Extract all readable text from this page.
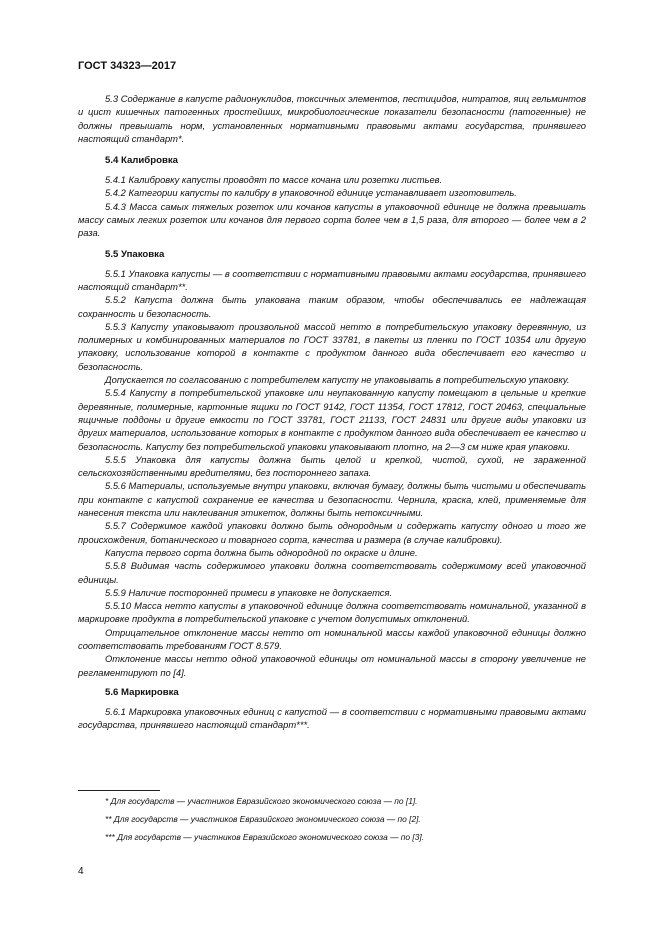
ГОСТ 34323—2017

5.3 Содержание в капусте радионуклидов, токсичных элементов, пестицидов, нитратов, яиц гельминтов и цист кишечных патогенных простейших, микробиологические показатели безопасности (патогенные) не должны превышать норм, установленных нормативными правовыми актами государства, принявшего настоящий стандарт*.

5.4 Калибровка

5.4.1 Калибровку капусты проводят по массе кочана или розетки листьев.

5.4.2 Категории капусты по калибру в упаковочной единице устанавливает изготовитель.

5.4.3 Масса самых тяжелых розеток или кочанов капусты в упаковочной единице не должна превышать массу самых легких розеток или кочанов для первого сорта более чем в 1,5 раза, для второго — более чем в 2 раза.

5.5 Упаковка

5.5.1 Упаковка капусты — в соответствии с нормативными правовыми актами государства, принявшего настоящий стандарт**.

5.5.2 Капуста должна быть упакована таким образом, чтобы обеспечивались ее надлежащая сохранность и безопасность.

5.5.3 Капусту упаковывают произвольной массой нетто в потребительскую упаковку деревянную, из полимерных и комбинированных материалов по ГОСТ 33781, в пакеты из пленки по ГОСТ 10354 или другую упаковку, использование которой в контакте с продуктом данного вида обеспечивает его качество и безопасность.

Допускается по согласованию с потребителем капусту не упаковывать в потребительскую упаковку.

5.5.4 Капусту в потребительской упаковке или неупакованную капусту помещают в цельные и крепкие деревянные, полимерные, картонные ящики по ГОСТ 9142, ГОСТ 11354, ГОСТ 17812, ГОСТ 20463, специальные ящичные поддоны и другие емкости по ГОСТ 33781, ГОСТ 21133, ГОСТ 24831 или другие виды упаковки из других материалов, использование которых в контакте с продуктом данного вида обеспечивает ее качество и безопасность. Капусту без потребительской упаковки упаковывают плотно, на 2—3 см ниже края упаковки.

5.5.5 Упаковка для капусты должна быть целой и крепкой, чистой, сухой, не зараженной сельскохозяйственными вредителями, без постороннего запаха.

5.5.6 Материалы, используемые внутри упаковки, включая бумагу, должны быть чистыми и обеспечивать при контакте с капустой сохранение ее качества и безопасности. Чернила, краска, клей, применяемые для нанесения текста или наклеивания этикеток, должны быть нетоксичными.

5.5.7 Содержимое каждой упаковки должно быть однородным и содержать капусту одного и того же происхождения, ботанического и товарного сорта, качества и размера (в случае калибровки).

Капуста первого сорта должна быть однородной по окраске и длине.

5.5.8 Видимая часть содержимого упаковки должна соответствовать содержимому всей упаковочной единицы.

5.5.9 Наличие посторонней примеси в упаковке не допускается.

5.5.10 Масса нетто капусты в упаковочной единице должна соответствовать номинальной, указанной в маркировке продукта в потребительской упаковке с учетом допустимых отклонений.

Отрицательное отклонение массы нетто от номинальной массы каждой упаковочной единицы должно соответствовать требованиям ГОСТ 8.579.

Отклонение массы нетто одной упаковочной единицы от номинальной массы в сторону увеличение не регламентируют по [4].

5.6 Маркировка

5.6.1 Маркировка упаковочных единиц с капустой — в соответствии с нормативными правовыми актами государства, принявшего настоящий стандарт***.

* Для государств — участников Евразийского экономического союза — по [1].
** Для государств — участников Евразийского экономического союза — по [2].
*** Для государств — участников Евразийского экономического союза — по [3].
4
